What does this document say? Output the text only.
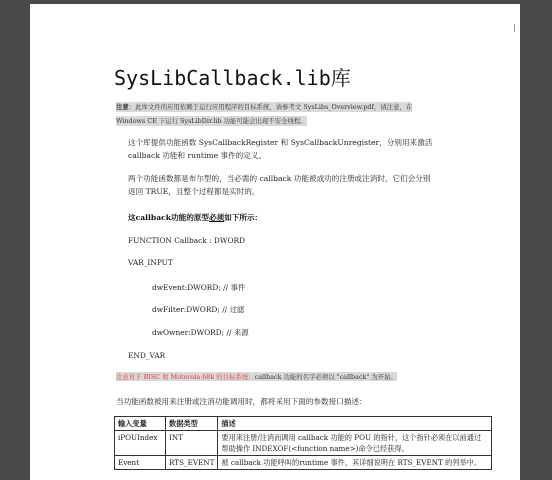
SysLibCallback.lib库
注意：此库文件的应用依赖于运行应用程序的目标系统，请参考文 SysLibs_Overview.pdf，请注意，在
Windows CE 下运行 SysLibDir.lib 功能可能会出现不安全线程。
这个库提供功能函数 SysCallbackRegister 和 SysCallbackUnregister，分别用来激活 callback 功能和 runtime 事件的定义。
两个功能函数都是布尔型的，当必需的 callback 功能被成功的注册或注消时，它们会分别返回 TRUE，且整个过程都是实时的。
这callback功能的原型必须如下所示：
FUNCTION Callback : DWORD
VAR_INPUT
dwEvent:DWORD; // 事件
dwFilter:DWORD; // 过滤
dwOwner:DWORD; // 来源
END_VAR
注意对于 RISC 和 Motorola 68k 的目标系统：callback 功能的名字必须以 "callback" 为开始。
当功能函数被用来注册或注消功能调用时，都将采用下面的参数接口描述：
输入变量	数据类型	描述
iPOUIndex	INT	要用来注册/注消而调用 callback 功能的 POU 的指针，这个指针必须在以前通过帮助操作 INDEXOF(<function name>)命令已经获得。
Event	RTS_EVENT	被 callback 功能呼叫的runtime 事件，其详细说明在 RTS_EVENT 的列举中。
